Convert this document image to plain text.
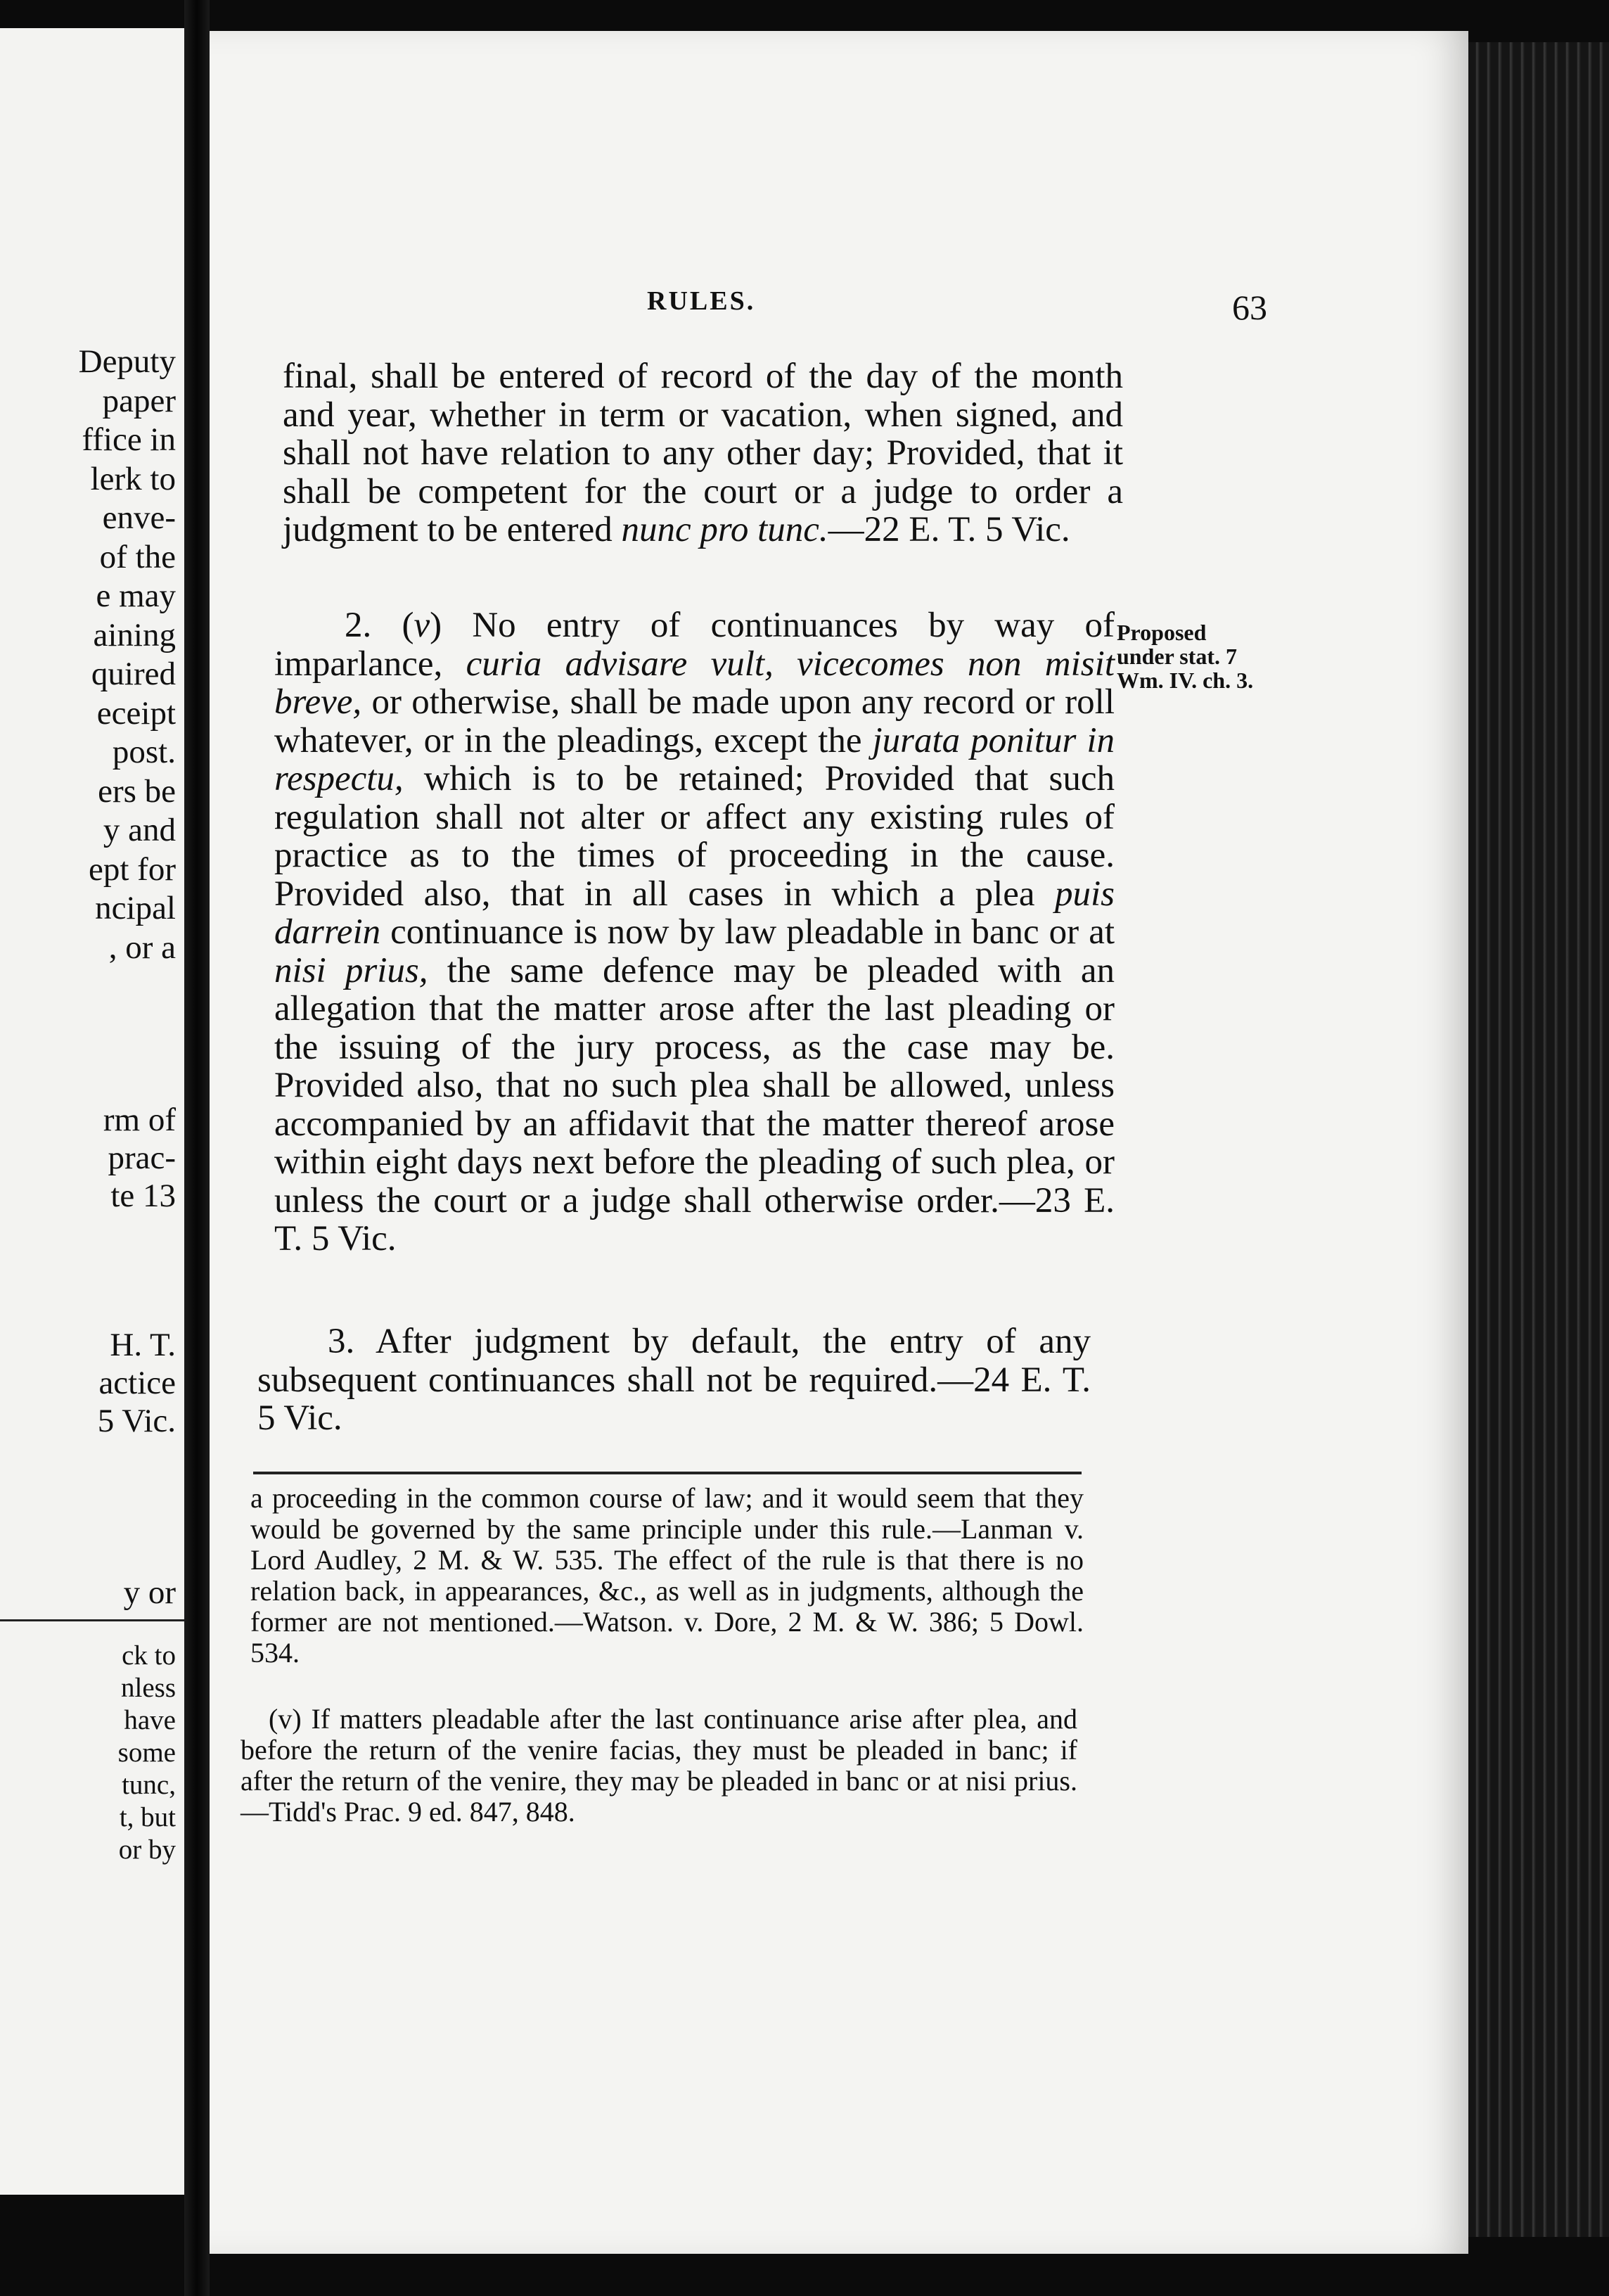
Deputy
paper
ffice in
lerk to
enve-
of the
e may
aining
quired
eceipt
post.
ers be
y and
ept for
ncipal
, or a
rm of
prac-
te 13
H. T.
actice
5 Vic.
y or
ck to
nless
have
some
tunc,
t, but
or by
RULES.	63

final, shall be entered of record of the day of the month and year, whether in term or vacation, when signed, and shall not have relation to any other day; Provided, that it shall be competent for the court or a judge to order a judgment to be entered nunc pro tunc.—22 E. T. 5 Vic.

2. (v) No entry of continuances by way of imparlance, curia advisare vult, vicecomes non misit breve, or otherwise, shall be made upon any record or roll whatever, or in the pleadings, except the jurata ponitur in respectu, which is to be retained; Provided that such regulation shall not alter or affect any existing rules of practice as to the times of proceeding in the cause. Provided also, that in all cases in which a plea puis darrein continuance is now by law pleadable in banc or at nisi prius, the same defence may be pleaded with an allegation that the matter arose after the last pleading or the issuing of the jury process, as the case may be. Provided also, that no such plea shall be allowed, unless accompanied by an affidavit that the matter thereof arose within eight days next before the pleading of such plea, or unless the court or a judge shall otherwise order.—23 E. T. 5 Vic.

Proposed under stat. 7 Wm. IV. ch. 3.

3. After judgment by default, the entry of any subsequent continuances shall not be required.—24 E. T. 5 Vic.

a proceeding in the common course of law; and it would seem that they would be governed by the same principle under this rule.—Lanman v. Lord Audley, 2 M. & W. 535. The effect of the rule is that there is no relation back, in appearances, &c., as well as in judgments, although the former are not mentioned.—Watson. v. Dore, 2 M. & W. 386; 5 Dowl. 534.

(v) If matters pleadable after the last continuance arise after plea, and before the return of the venire facias, they must be pleaded in banc; if after the return of the venire, they may be pleaded in banc or at nisi prius.—Tidd's Prac. 9 ed. 847, 848.
